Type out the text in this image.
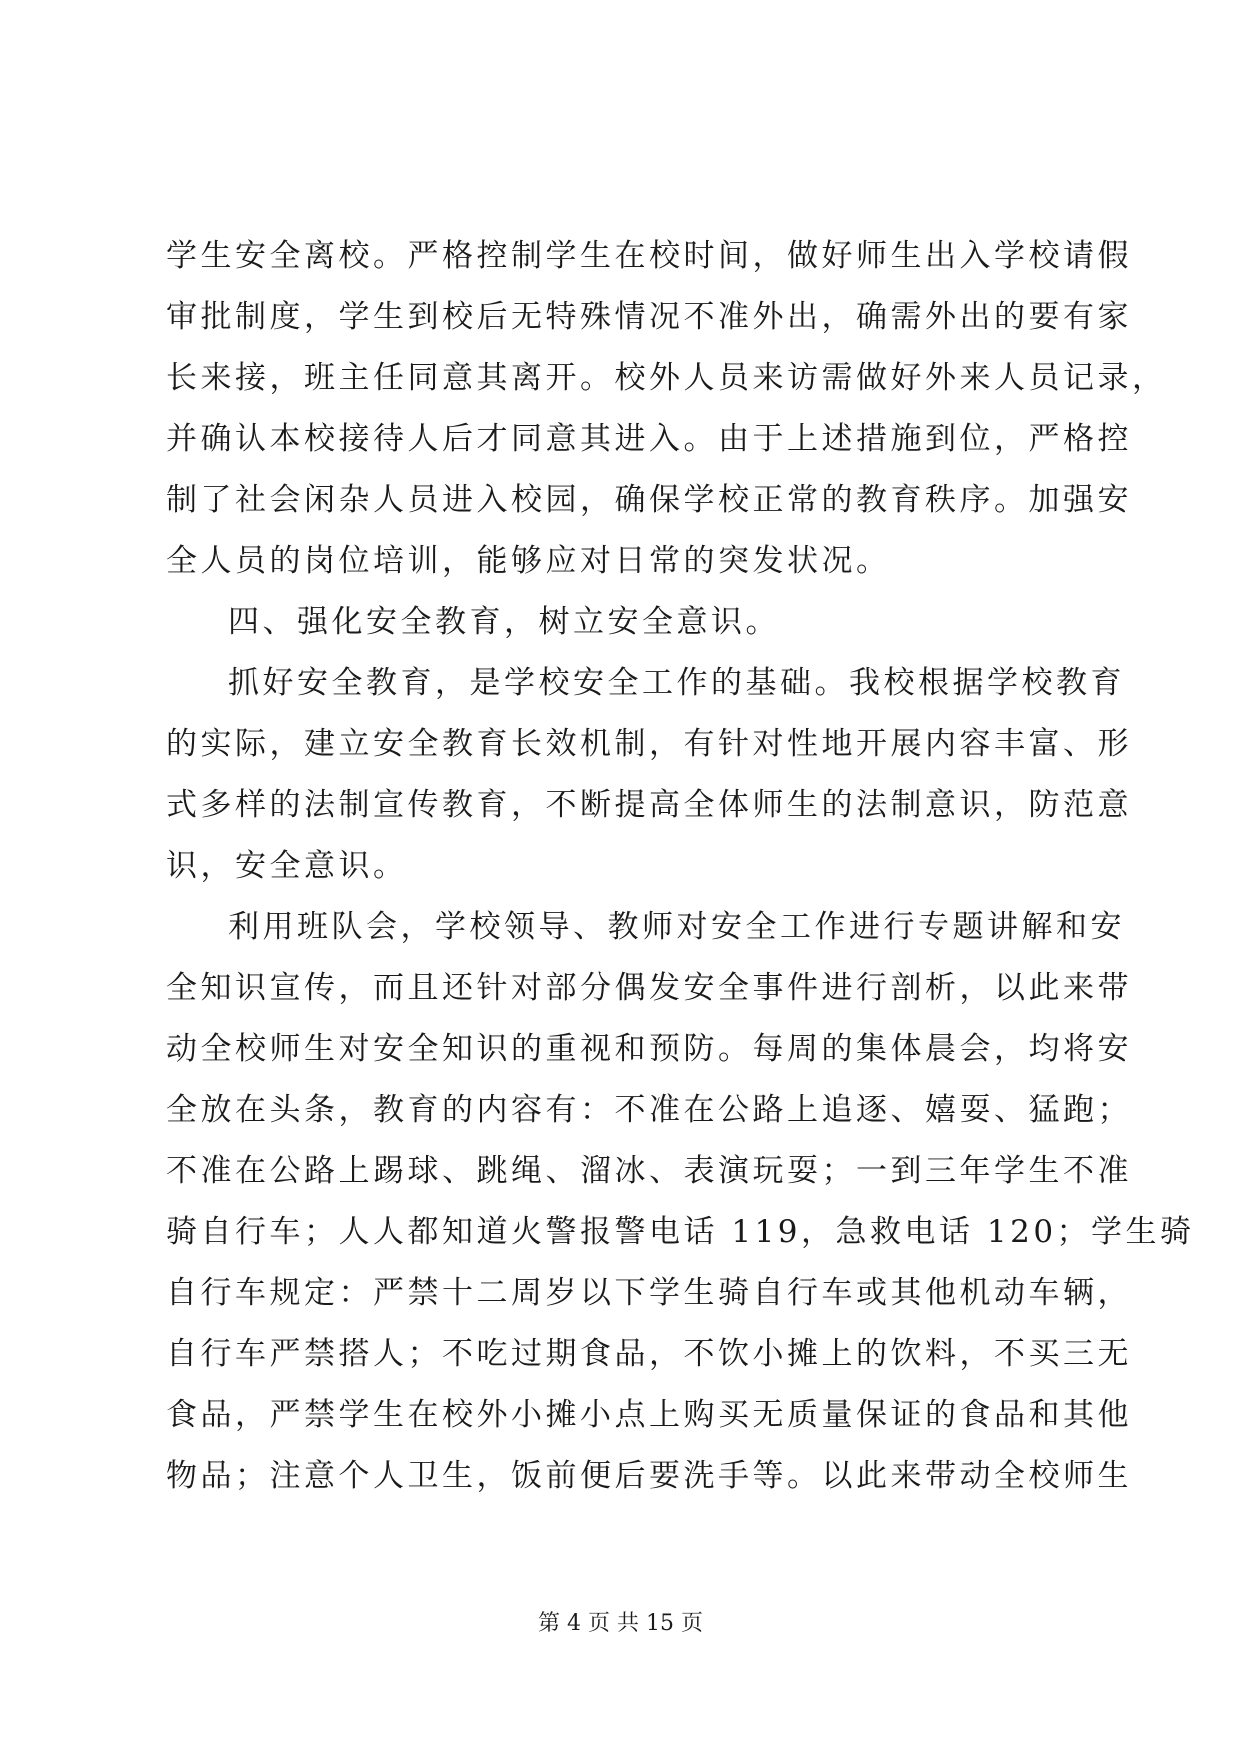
学生安全离校。严格控制学生在校时间，做好师生出入学校请假
审批制度，学生到校后无特殊情况不准外出，确需外出的要有家
长来接，班主任同意其离开。校外人员来访需做好外来人员记录，
并确认本校接待人后才同意其进入。由于上述措施到位，严格控
制了社会闲杂人员进入校园，确保学校正常的教育秩序。加强安
全人员的岗位培训，能够应对日常的突发状况。
四、强化安全教育，树立安全意识。
抓好安全教育，是学校安全工作的基础。我校根据学校教育
的实际，建立安全教育长效机制，有针对性地开展内容丰富、形
式多样的法制宣传教育，不断提高全体师生的法制意识，防范意
识，安全意识。
利用班队会，学校领导、教师对安全工作进行专题讲解和安
全知识宣传，而且还针对部分偶发安全事件进行剖析，以此来带
动全校师生对安全知识的重视和预防。每周的集体晨会，均将安
全放在头条，教育的内容有：不准在公路上追逐、嬉耍、猛跑；
不准在公路上踢球、跳绳、溜冰、表演玩耍；一到三年学生不准
骑自行车；人人都知道火警报警电话 119，急救电话 120；学生骑
自行车规定：严禁十二周岁以下学生骑自行车或其他机动车辆，
自行车严禁搭人；不吃过期食品，不饮小摊上的饮料，不买三无
食品，严禁学生在校外小摊小点上购买无质量保证的食品和其他
物品；注意个人卫生，饭前便后要洗手等。以此来带动全校师生
第 4 页 共 15 页
